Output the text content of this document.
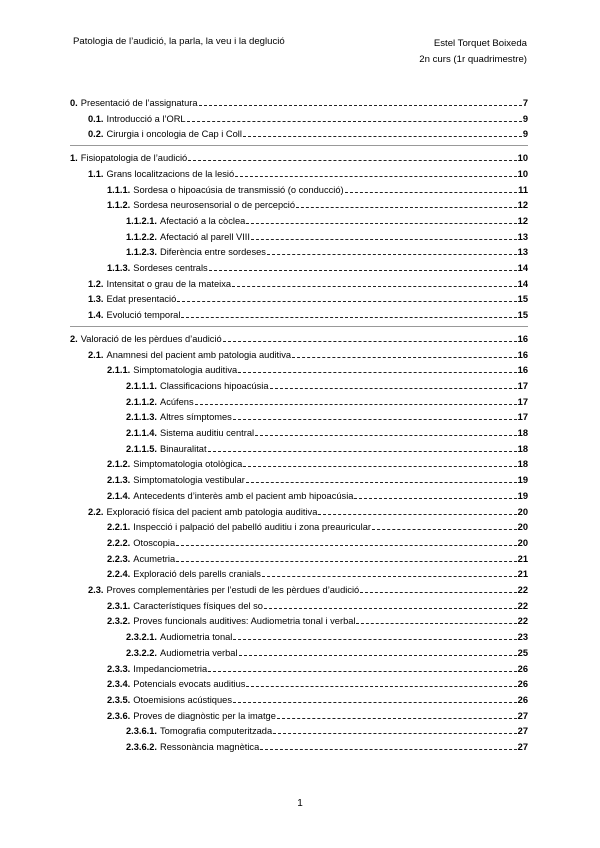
Patologia de l’audició, la parla, la veu i la deglució	Estel Torquet Boixeda
2n curs (1r quadrimestre)
0. Presentació de l’assignatura	7
0.1. Introducció a l’ORL	9
0.2. Cirurgia i oncologia de Cap i Coll	9
1. Fisiopatologia de l’audició	10
1.1. Grans localitzacions de la lesió	10
1.1.1. Sordesa o hipoacúsia de transmissió (o conducció)	11
1.1.2. Sordesa neurosensorial o de percepció	12
1.1.2.1. Afectació a la còclea	12
1.1.2.2. Afectació al parell VIII	13
1.1.2.3. Diferència entre sordeses	13
1.1.3. Sordeses centrals	14
1.2. Intensitat o grau de la mateixa	14
1.3. Edat presentació	15
1.4. Evolució temporal	15
2. Valoració de les pèrdues d’audició	16
2.1. Anamnesi del pacient amb patologia auditiva	16
2.1.1. Simptomatologia auditiva	16
2.1.1.1. Classificacions hipoacúsia	17
2.1.1.2. Acúfens	17
2.1.1.3. Altres símptomes	17
2.1.1.4. Sistema auditiu central	18
2.1.1.5. Binauralitat	18
2.1.2. Simptomatologia otològica	18
2.1.3. Simptomatologia vestibular	19
2.1.4. Antecedents d’interès amb el pacient amb hipoacúsia	19
2.2. Exploració física del pacient amb patologia auditiva	20
2.2.1. Inspecció i palpació del pabelló auditiu i zona preauricular	20
2.2.2. Otoscopia	20
2.2.3. Acumetria	21
2.2.4. Exploració dels parells cranials	21
2.3. Proves complementàries per l’estudi de les pèrdues d’audició	22
2.3.1. Característiques físiques del so	22
2.3.2. Proves funcionals auditives: Audiometria tonal i verbal	22
2.3.2.1. Audiometria tonal	23
2.3.2.2. Audiometria verbal	25
2.3.3. Impedanciometria	26
2.3.4. Potencials evocats auditius	26
2.3.5. Otoemisions acústiques	26
2.3.6. Proves de diagnòstic per la imatge	27
2.3.6.1. Tomografia computeritzada	27
2.3.6.2. Ressonància magnètica	27
1
